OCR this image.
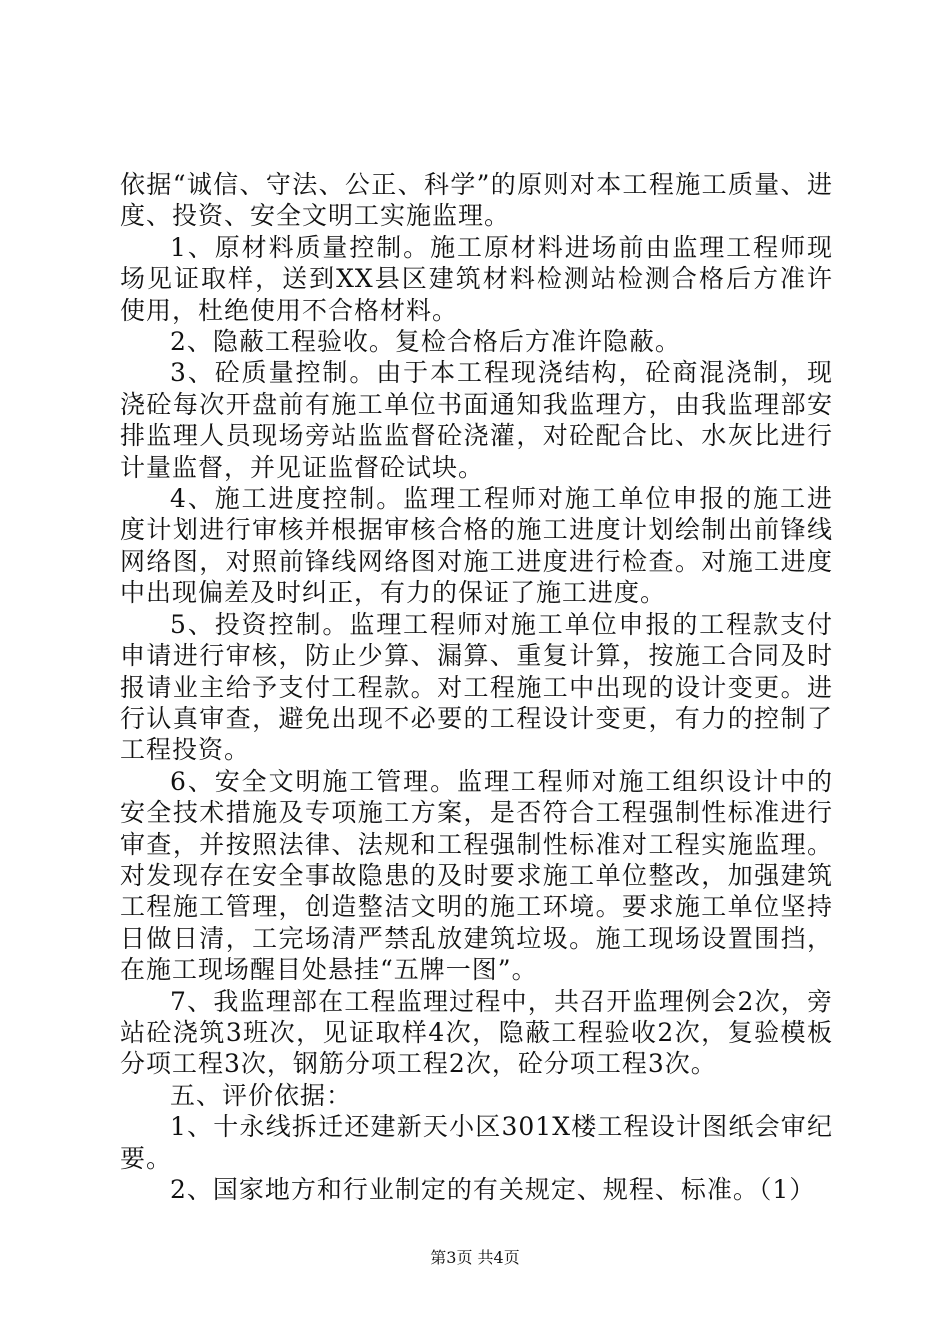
依据“诚信、守法、公正、科学”的原则对本工程施工质量、进度、投资、安全文明工实施监理。

1、原材料质量控制。施工原材料进场前由监理工程师现场见证取样，送到XX县区建筑材料检测站检测合格后方准许使用，杜绝使用不合格材料。

2、隐蔽工程验收。复检合格后方准许隐蔽。

3、砼质量控制。由于本工程现浇结构，砼商混浇制，现浇砼每次开盘前有施工单位书面通知我监理方，由我监理部安排监理人员现场旁站监监督砼浇灌，对砼配合比、水灰比进行计量监督，并见证监督砼试块。

4、施工进度控制。监理工程师对施工单位申报的施工进度计划进行审核并根据审核合格的施工进度计划绘制出前锋线网络图，对照前锋线网络图对施工进度进行检查。对施工进度中出现偏差及时纠正，有力的保证了施工进度。

5、投资控制。监理工程师对施工单位申报的工程款支付申请进行审核，防止少算、漏算、重复计算，按施工合同及时报请业主给予支付工程款。对工程施工中出现的设计变更。进行认真审查，避免出现不必要的工程设计变更，有力的控制了工程投资。

6、安全文明施工管理。监理工程师对施工组织设计中的安全技术措施及专项施工方案，是否符合工程强制性标准进行审查，并按照法律、法规和工程强制性标准对工程实施监理。对发现存在安全事故隐患的及时要求施工单位整改，加强建筑工程施工管理，创造整洁文明的施工环境。要求施工单位坚持日做日清，工完场清严禁乱放建筑垃圾。施工现场设置围挡，在施工现场醒目处悬挂“五牌一图”。

7、我监理部在工程监理过程中，共召开监理例会2次，旁站砼浇筑3班次，见证取样4次，隐蔽工程验收2次，复验模板分项工程3次，钢筋分项工程2次，砼分项工程3次。

五、评价依据：

1、十永线拆迁还建新天小区301X楼工程设计图纸会审纪要。

2、国家地方和行业制定的有关规定、规程、标准。（1）

第3页 共4页
